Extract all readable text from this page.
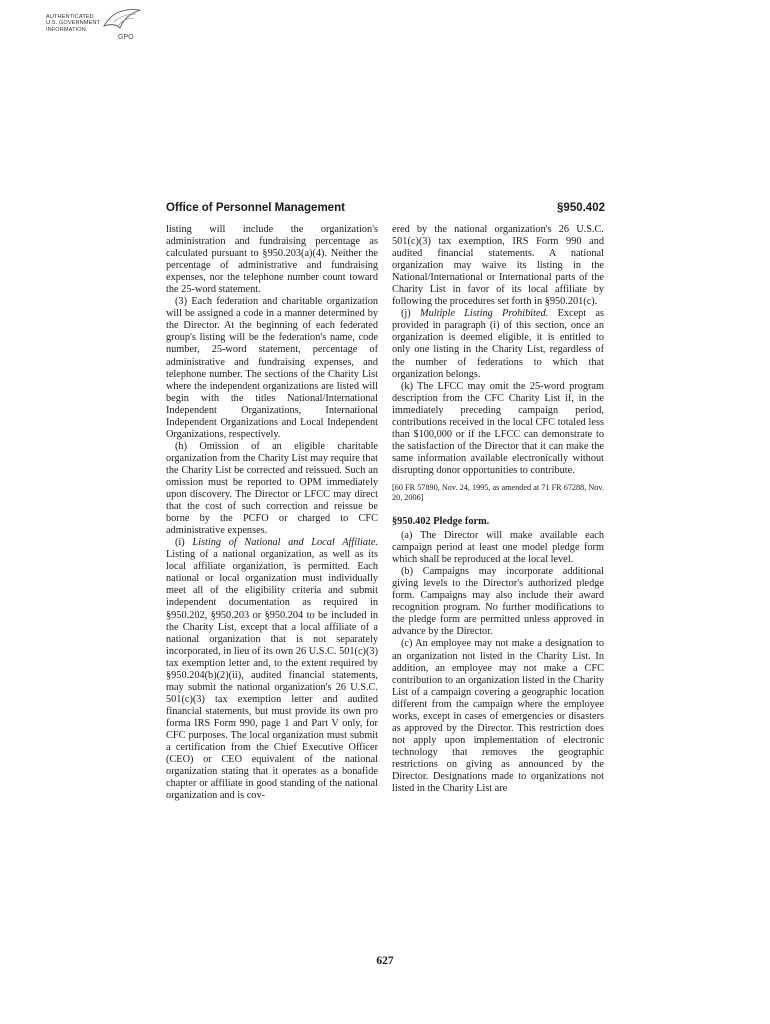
AUTHENTICATED
U.S. GOVERNMENT
INFORMATION
GPO
Office of Personnel Management	§950.402

listing will include the organization's administration and fundraising percentage as calculated pursuant to §950.203(a)(4). Neither the percentage of administrative and fundraising expenses, nor the telephone number count toward the 25-word statement.

(3) Each federation and charitable organization will be assigned a code in a manner determined by the Director. At the beginning of each federated group's listing will be the federation's name, code number, 25-word statement, percentage of administrative and fundraising expenses, and telephone number. The sections of the Charity List where the independent organizations are listed will begin with the titles National/International Independent Organizations, International Independent Organizations and Local Independent Organizations, respectively.

(h) Omission of an eligible charitable organization from the Charity List may require that the Charity List be corrected and reissued. Such an omission must be reported to OPM immediately upon discovery. The Director or LFCC may direct that the cost of such correction and reissue be borne by the PCFO or charged to CFC administrative expenses.

(i) Listing of National and Local Affiliate. Listing of a national organization, as well as its local affiliate organization, is permitted. Each national or local organization must individually meet all of the eligibility criteria and submit independent documentation as required in §950.202, §950.203 or §950.204 to be included in the Charity List, except that a local affiliate of a national organization that is not separately incorporated, in lieu of its own 26 U.S.C. 501(c)(3) tax exemption letter and, to the extent required by §950.204(b)(2)(ii), audited financial statements, may submit the national organization's 26 U.S.C. 501(c)(3) tax exemption letter and audited financial statements, but must provide its own pro forma IRS Form 990, page 1 and Part V only, for CFC purposes. The local organization must submit a certification from the Chief Executive Officer (CEO) or CEO equivalent of the national organization stating that it operates as a bonafide chapter or affiliate in good standing of the national organization and is cov-

ered by the national organization's 26 U.S.C. 501(c)(3) tax exemption, IRS Form 990 and audited financial statements. A national organization may waive its listing in the National/International or International parts of the Charity List in favor of its local affiliate by following the procedures set forth in §950.201(c).

(j) Multiple Listing Prohibited. Except as provided in paragraph (i) of this section, once an organization is deemed eligible, it is entitled to only one listing in the Charity List, regardless of the number of federations to which that organization belongs.

(k) The LFCC may omit the 25-word program description from the CFC Charity List if, in the immediately preceding campaign period, contributions received in the local CFC totaled less than $100,000 or if the LFCC can demonstrate to the satisfaction of the Director that it can make the same information available electronically without disrupting donor opportunities to contribute.

[60 FR 57890, Nov. 24, 1995, as amended at 71 FR 67288, Nov. 20, 2006]

§950.402 Pledge form.

(a) The Director will make available each campaign period at least one model pledge form which shall be reproduced at the local level.

(b) Campaigns may incorporate additional giving levels to the Director's authorized pledge form. Campaigns may also include their award recognition program. No further modifications to the pledge form are permitted unless approved in advance by the Director.

(c) An employee may not make a designation to an organization not listed in the Charity List. In addition, an employee may not make a CFC contribution to an organization listed in the Charity List of a campaign covering a geographic location different from the campaign where the employee works, except in cases of emergencies or disasters as approved by the Director. This restriction does not apply upon implementation of electronic technology that removes the geographic restrictions on giving as announced by the Director. Designations made to organizations not listed in the Charity List are

627
